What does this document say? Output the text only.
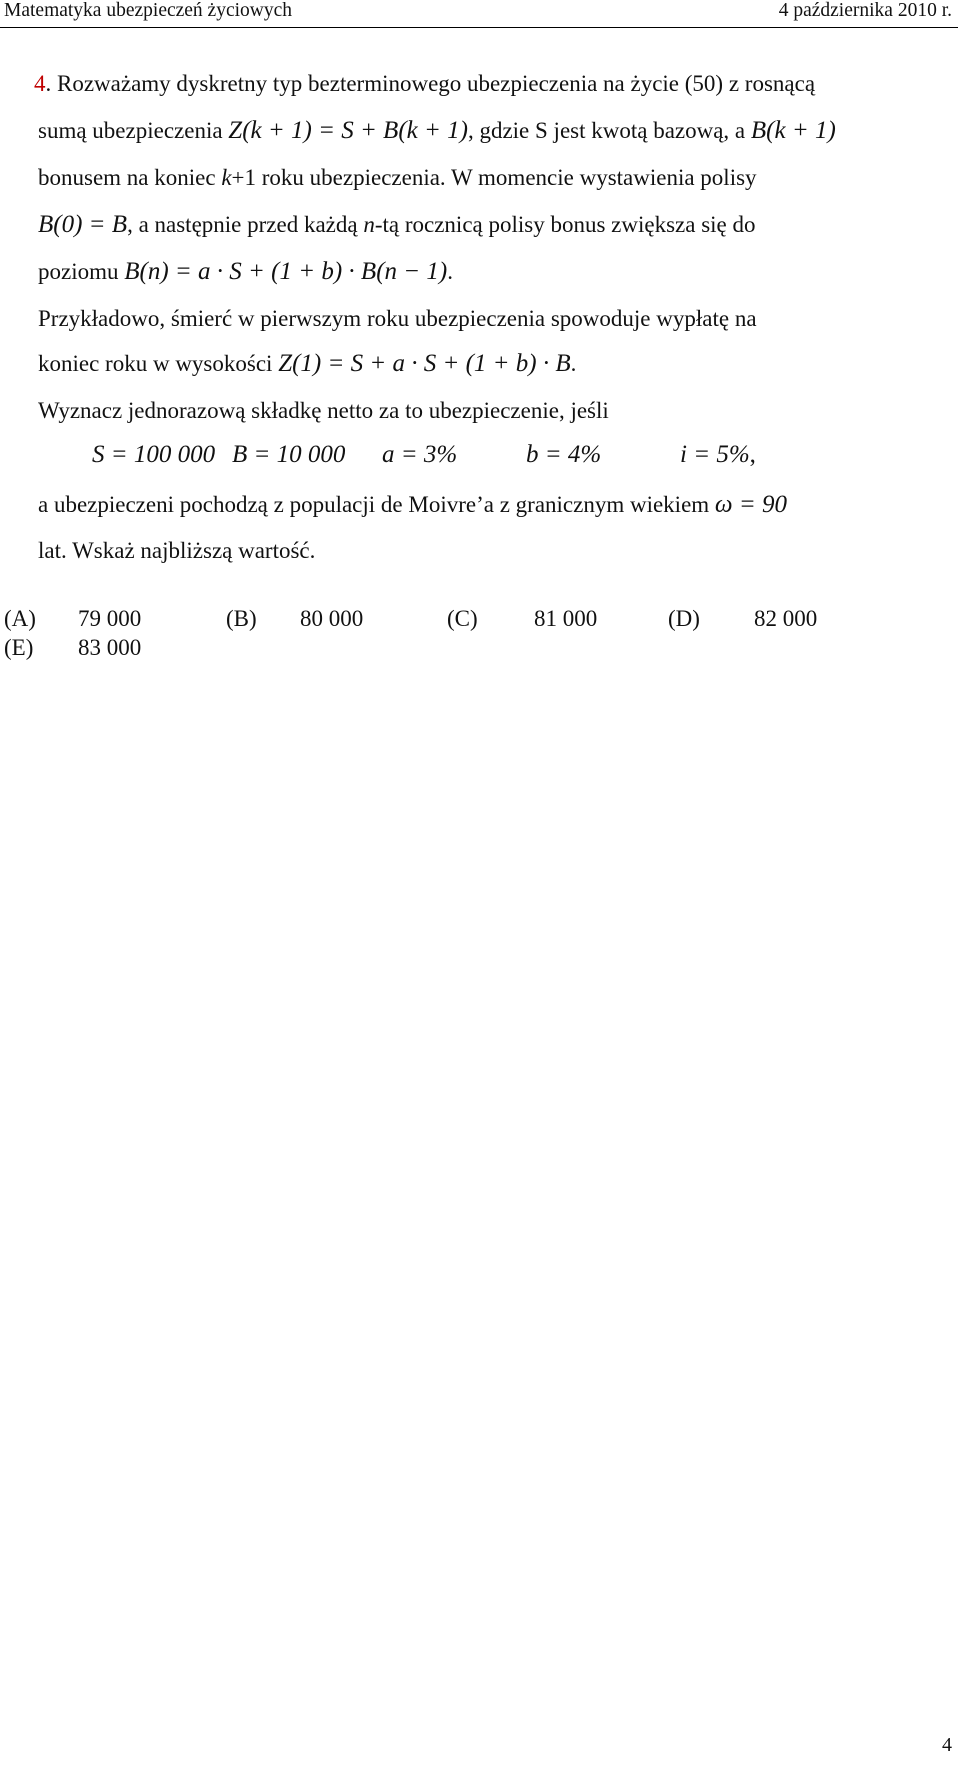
Matematyka ubezpieczeń życiowych	4 października 2010 r.
4. Rozważamy dyskretny typ bezterminowego ubezpieczenia na życie (50) z rosnącą
sumą ubezpieczenia Z(k + 1) = S + B(k + 1), gdzie S jest kwotą bazową, a B(k + 1)
bonusem na koniec k+1 roku ubezpieczenia. W momencie wystawienia polisy
B(0) = B, a następnie przed każdą n-tą rocznicą polisy bonus zwiększa się do
poziomu B(n) = a · S + (1 + b) · B(n − 1).
Przykładowo, śmierć w pierwszym roku ubezpieczenia spowoduje wypłatę na
koniec roku w wysokości Z(1) = S + a · S + (1 + b) · B.
Wyznacz jednorazową składkę netto za to ubezpieczenie, jeśli
S = 100 000 B = 10 000 a = 3%	b = 4%	i = 5%,
a ubezpieczeni pochodzą z populacji de Moivre’a z granicznym wiekiem ω = 90
lat. Wskaż najbliższą wartość.
(A) 79 000	(B) 80 000	(C) 81 000	(D) 82 000
(E) 83 000
4
